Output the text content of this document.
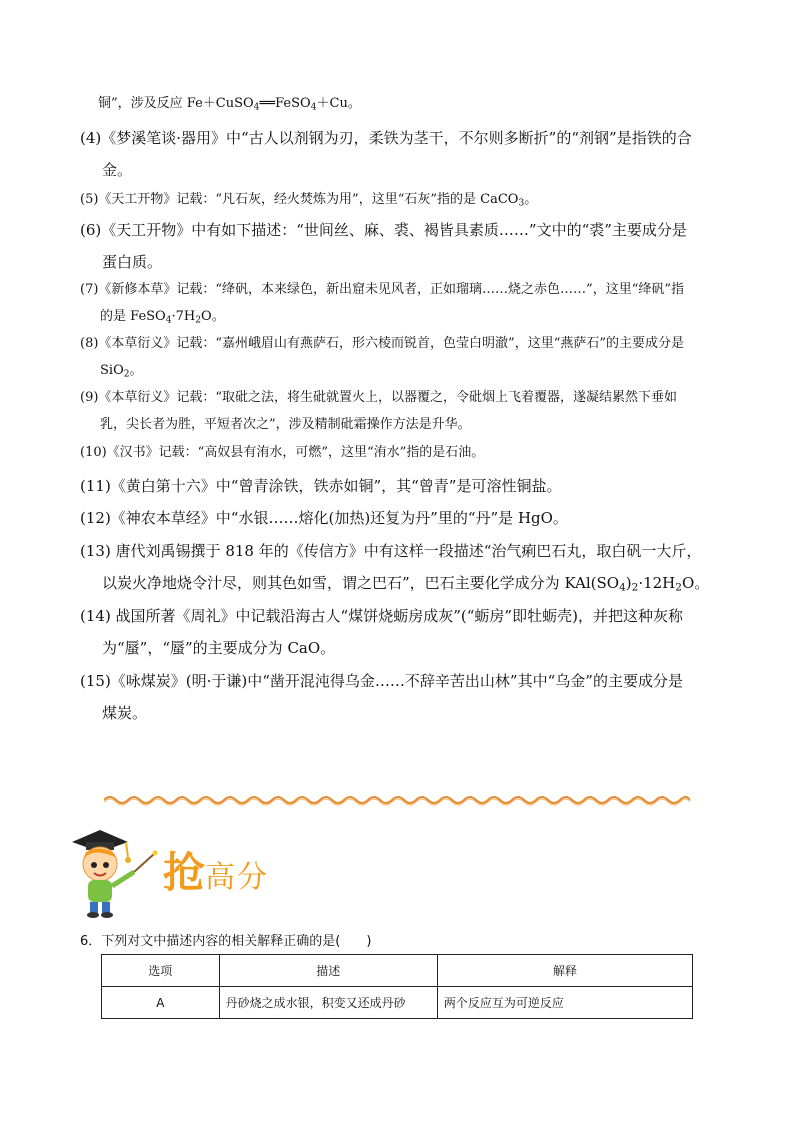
铜”，涉及反应 Fe＋CuSO$_4$══FeSO$_4$＋Cu。
(4)《梦溪笔谈·器用》中“古人以剂钢为刃，柔铁为茎干，不尔则多断折”的“剂钢”是指铁的合
金。
(5)《天工开物》记载：“凡石灰，经火焚炼为用”，这里“石灰”指的是 CaCO$_3$。
(6)《天工开物》中有如下描述：“世间丝、麻、裘、褐皆具素质……”文中的“裘”主要成分是
蛋白质。
(7)《新修本草》记载：“绛矾，本来绿色，新出窟未见风者，正如瑠璃……烧之赤色……”，这里“绛矾”指
的是 $FeSO_4\cdot 7H_2O$。
(8)《本草衍义》记载：“嘉州峨眉山有燕萨石，形六棱而锐首，色莹白明澈”，这里“燕萨石”的主要成分是
SiO$_2$。
(9)《本草衍义》记载：“取砒之法，将生砒就置火上，以器覆之，令砒烟上飞着覆器，遂凝结累然下垂如
乳，尖长者为胜，平短者次之”，涉及精制砒霜操作方法是升华。
(10)《汉书》记载：“高奴县有洧水，可燃”，这里“洧水”指的是石油。
(11)《黄白第十六》中“曾青涂铁，铁赤如铜”，其“曾青”是可溶性铜盐。
(12)《神农本草经》中“水银……熔化(加热)还复为丹”里的“丹”是 HgO。
(13) 唐代刘禹锡撰于 818 年的《传信方》中有这样一段描述“治气痢巴石丸，取白矾一大斤，
以炭火净地烧令汁尽，则其色如雪，谓之巴石”，巴石主要化学成分为 $KAl(SO_4)_2\cdot 12H_2O$。
(14) 战国所著《周礼》中记载沿海古人“煤饼烧蛎房成灰”(“蛎房”即牡蛎壳)，并把这种灰称
为“蜃”，“蜃”的主要成分为 CaO。
(15)《咏煤炭》(明·于谦)中“凿开混沌得乌金……不辞辛苦出山林”其中“乌金”的主要成分是
煤炭。
抢高分
6．下列对文中描述内容的相关解释正确的是(　　)
选项	描述	解释
A	丹砂烧之成水银，积变又还成丹砂	两个反应互为可逆反应
